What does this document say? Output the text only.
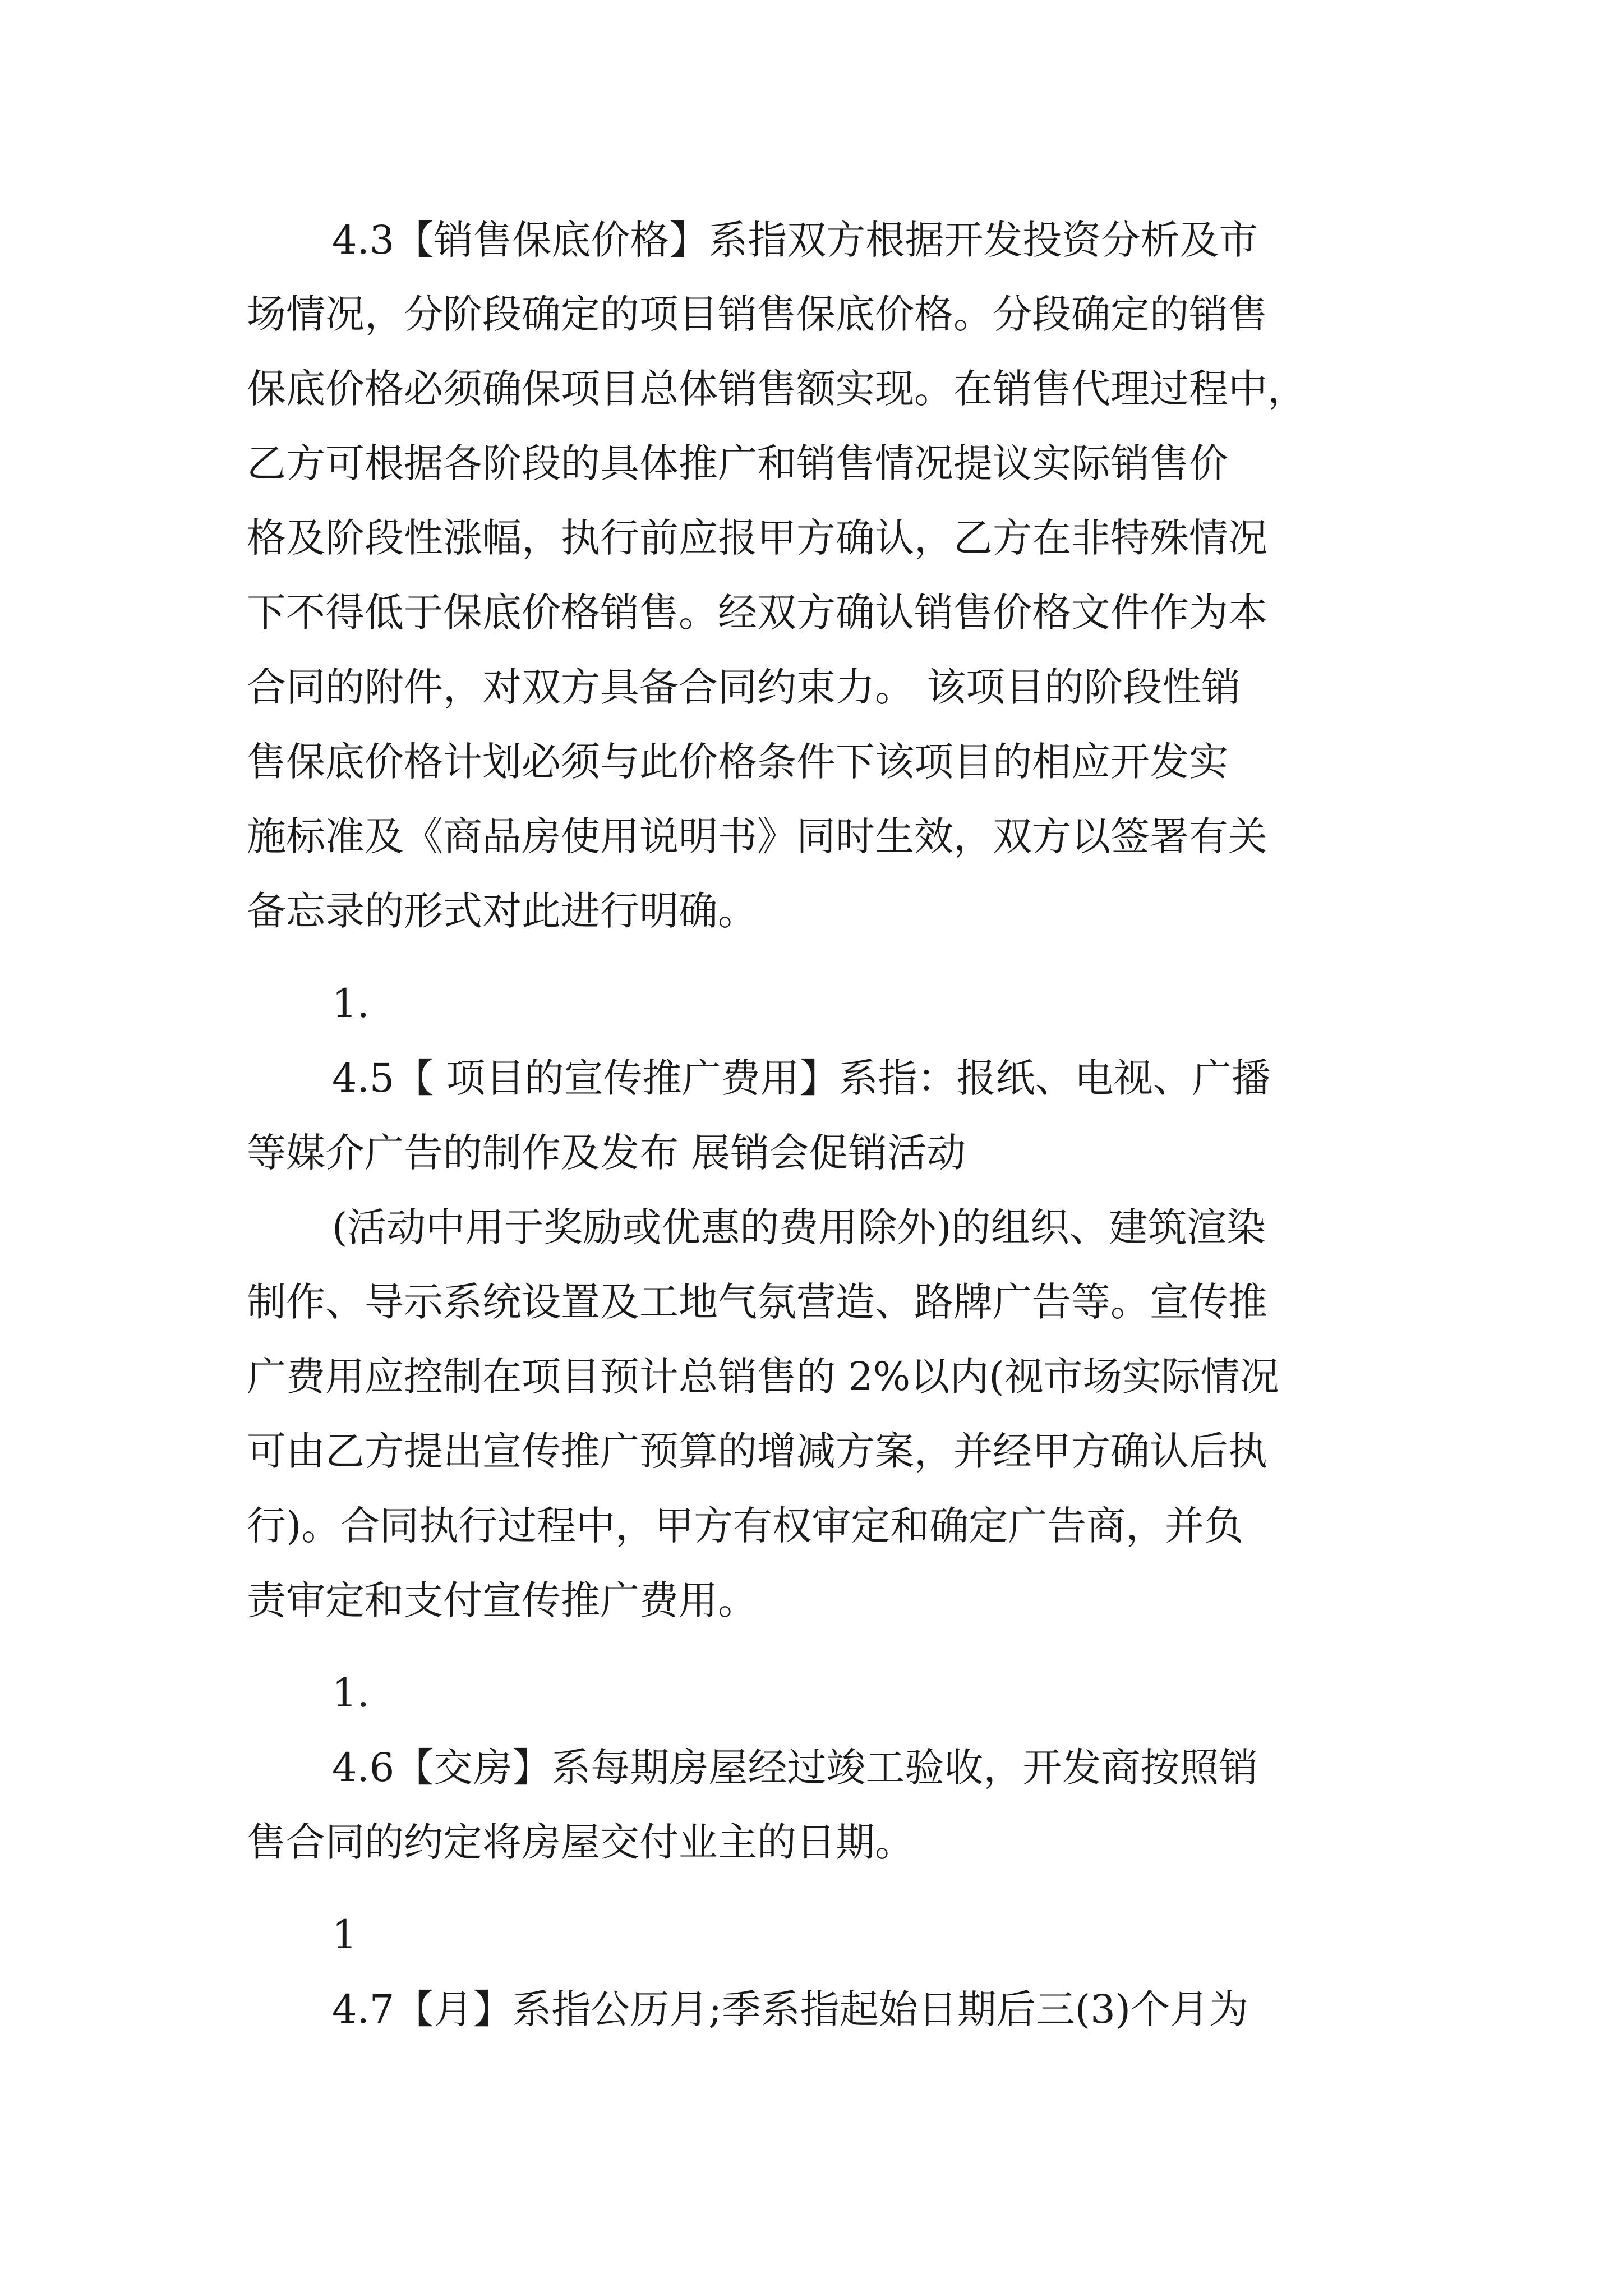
4.3【销售保底价格】系指双方根据开发投资分析及市

场情况，分阶段确定的项目销售保底价格。分段确定的销售

保底价格必须确保项目总体销售额实现。在销售代理过程中，

乙方可根据各阶段的具体推广和销售情况提议实际销售价

格及阶段性涨幅，执行前应报甲方确认，乙方在非特殊情况

下不得低于保底价格销售。经双方确认销售价格文件作为本

合同的附件，对双方具备合同约束力。 该项目的阶段性销

售保底价格计划必须与此价格条件下该项目的相应开发实

施标准及《商品房使用说明书》同时生效，双方以签署有关

备忘录的形式对此进行明确。

1.

4.5【 项目的宣传推广费用】系指：报纸、电视、广播

等媒介广告的制作及发布 展销会促销活动

(活动中用于奖励或优惠的费用除外)的组织、建筑渲染

制作、导示系统设置及工地气氛营造、路牌广告等。宣传推

广费用应控制在项目预计总销售的 2%以内(视市场实际情况

可由乙方提出宣传推广预算的增减方案，并经甲方确认后执

行)。合同执行过程中，甲方有权审定和确定广告商，并负

责审定和支付宣传推广费用。

1.

4.6【交房】系每期房屋经过竣工验收，开发商按照销

售合同的约定将房屋交付业主的日期。

1

4.7【月】系指公历月;季系指起始日期后三(3)个月为
